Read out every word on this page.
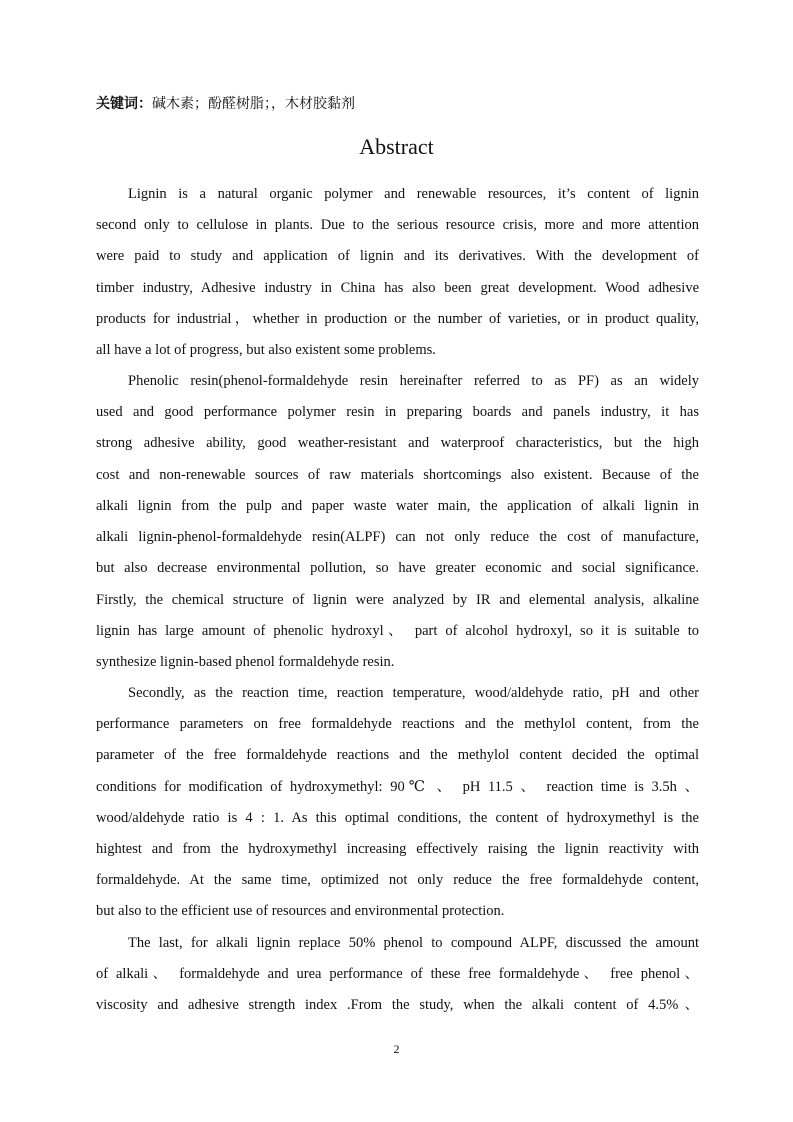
关键词：碱木素；酚醛树脂；，木材胶黏剂
Abstract
Lignin is a natural organic polymer and renewable resources, it’s content of lignin
second only to cellulose in plants. Due to the serious resource crisis, more and more attention
were paid to study and application of lignin and its derivatives. With the development of
timber industry, Adhesive industry in China has also been great development. Wood adhesive
products for industrial，whether in production or the number of varieties, or in product quality,
all have a lot of progress, but also existent some problems.
Phenolic resin(phenol-formaldehyde resin hereinafter referred to as PF) as an widely
used and good performance polymer resin in preparing boards and panels industry, it has
strong adhesive ability, good weather-resistant and waterproof characteristics, but the high
cost and non-renewable sources of raw materials shortcomings also existent. Because of the
alkali lignin from the pulp and paper waste water main, the application of alkali lignin in
alkali lignin-phenol-formaldehyde resin(ALPF) can not only reduce the cost of manufacture,
but also decrease environmental pollution, so have greater economic and social significance.
Firstly, the chemical structure of lignin were analyzed by IR and elemental analysis, alkaline
lignin has large amount of phenolic hydroxyl、 part of alcohol hydroxyl, so it is suitable to
synthesize lignin-based phenol formaldehyde resin.
Secondly, as the reaction time, reaction temperature, wood/aldehyde ratio, pH and other
performance parameters on free formaldehyde reactions and the methylol content, from the
parameter of the free formaldehyde reactions and the methylol content decided the optimal
conditions for modification of hydroxymethyl: 90℃ 、 pH 11.5 、 reaction time is 3.5h 、
wood/aldehyde ratio is 4 : 1. As this optimal conditions, the content of hydroxymethyl is the
hightest and from the hydroxymethyl increasing effectively raising the lignin reactivity with
formaldehyde. At the same time, optimized not only reduce the free formaldehyde content,
but also to the efficient use of resources and environmental protection.
The last, for alkali lignin replace 50% phenol to compound ALPF, discussed the amount
of alkali、 formaldehyde and urea performance of these free formaldehyde、 free phenol、
viscosity and adhesive strength index .From the study, when the alkali content of 4.5%、
2
